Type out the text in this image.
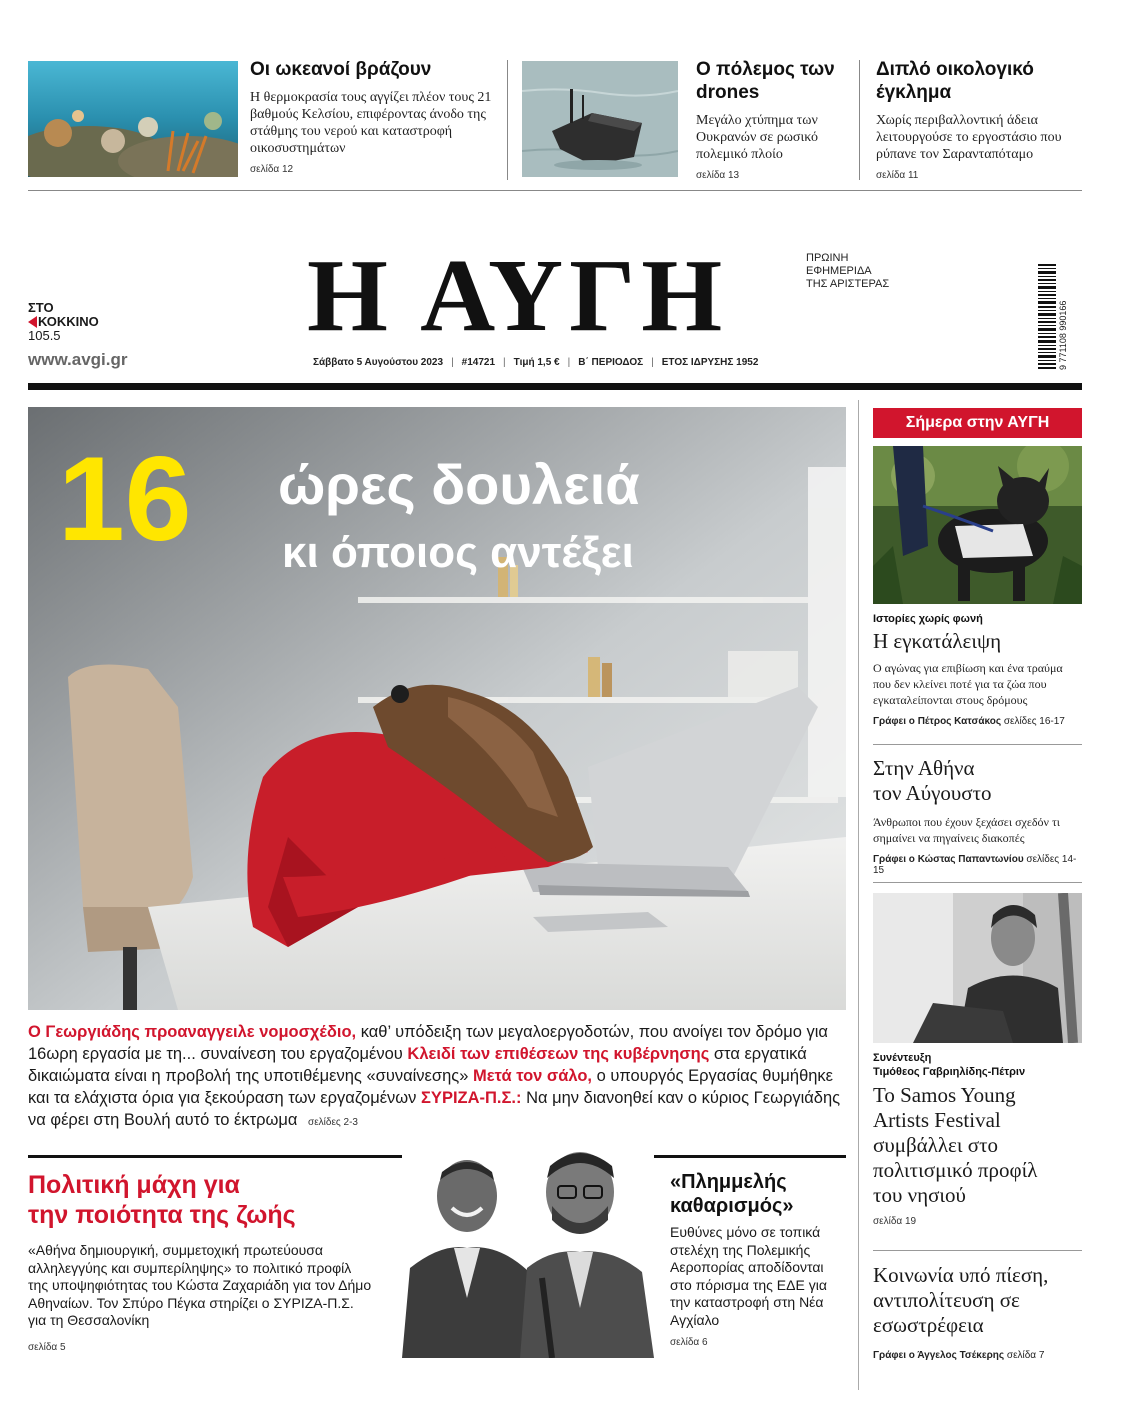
Οι ωκεανοί βράζουν
Η θερμοκρασία τους αγγίζει πλέον τους 21 βαθμούς Κελσίου, επιφέροντας άνοδο της στάθμης του νερού και καταστροφή οικοσυστημάτων
σελίδα 12
Ο πόλεμος των drones
Μεγάλο χτύπημα των Ουκρανών σε ρωσικό πολεμικό πλοίο
σελίδα 13
Διπλό οικολογικό έγκλημα
Χωρίς περιβαλλοντική άδεια λειτουργούσε το εργοστάσιο που ρύπανε τον Σαρανταπόταμο
σελίδα 11
ΣΤΟ
ΚΟΚΚΙΝΟ
105.5
www.avgi.gr
Η ΑΥΓΗ	ΠΡΩΙΝΗ
ΕΦΗΜΕΡΙΔΑ
ΤΗΣ ΑΡΙΣΤΕΡΑΣ
Σάββατο 5 Αυγούστου 2023 | #14721 | Τιμή 1,5 € | Β΄ ΠΕΡΙΟΔΟΣ | ΕΤΟΣ ΙΔΡΥΣΗΣ 1952	9 771108 990166
16 ώρες δουλειά
κι όποιος αντέξει
Ο Γεωργιάδης προαναγγειλε νομοσχέδιο, καθ’ υπόδειξη των μεγαλοεργοδοτών, που ανοίγει τον δρόμο για 16ωρη εργασία με τη... συναίνεση του εργαζομένου Κλειδί των επιθέσεων της κυβέρνησης στα εργατικά δικαιώματα είναι η προβολή της υποτιθέμενης «συναίνεσης» Μετά τον σάλο, ο υπουργός Εργασίας θυμήθηκε και τα ελάχιστα όρια για ξεκούραση των εργαζομένων ΣΥΡΙΖΑ-Π.Σ.: Να μην διανοηθεί καν ο κύριος Γεωργιάδης να φέρει στη Βουλή αυτό το έκτρωμα σελίδες 2-3
Πολιτική μάχη για
την ποιότητα της ζωής
«Αθήνα δημιουργική, συμμετοχική πρωτεύουσα αλληλεγγύης και συμπερίληψης» το πολιτικό προφίλ της υποψηφιότητας του Κώστα Ζαχαριάδη για τον Δήμο Αθηναίων. Τον Σπύρο Πέγκα στηρίζει ο ΣΥΡΙΖΑ-Π.Σ. για τη Θεσσαλονίκη
σελίδα 5
«Πλημμελής
καθαρισμός»
Ευθύνες μόνο σε τοπικά στελέχη της Πολεμικής Αεροπορίας αποδίδονται στο πόρισμα της ΕΔΕ για την καταστροφή στη Νέα Αγχίαλο
σελίδα 6
Σήμερα στην ΑΥΓΗ
Ιστορίες χωρίς φωνή
Η εγκατάλειψη
Ο αγώνας για επιβίωση και ένα τραύμα που δεν κλείνει ποτέ για τα ζώα που εγκαταλείπονται στους δρόμους
Γράφει ο Πέτρος Κατσάκος σελίδες 16-17
Στην Αθήνα
τον Αύγουστο
Άνθρωποι που έχουν ξεχάσει σχεδόν τι σημαίνει να πηγαίνεις διακοπές
Γράφει ο Κώστας Παπαντωνίου σελίδες 14-15
Συνέντευξη
Τιμόθεος Γαβριηλίδης-Πέτριν
Το Samos Young Artists Festival συμβάλλει στο πολιτισμικό προφίλ του νησιού
σελίδα 19
Κοινωνία υπό πίεση, αντιπολίτευση σε εσωστρέφεια
Γράφει ο Άγγελος Τσέκερης σελίδα 7
